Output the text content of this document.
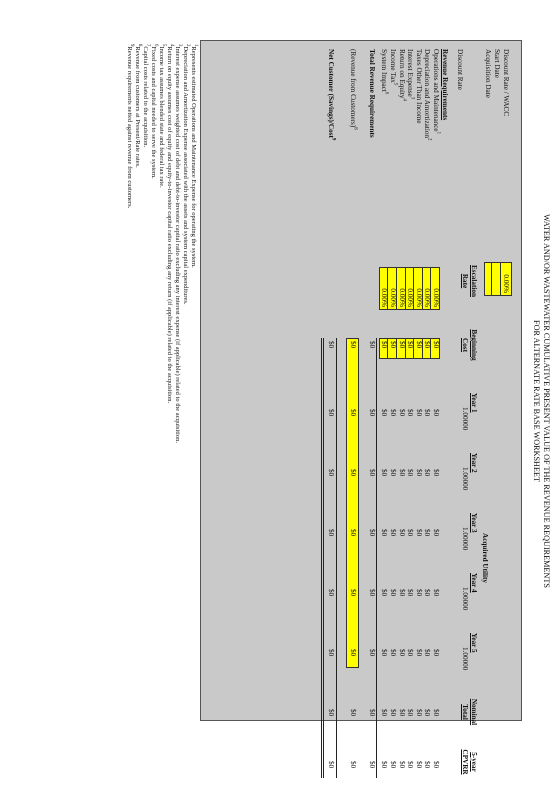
WATER AND/OR WASTEWATER CUMULATIVE PRESENT VALUE OF THE REVENUE REQUIREMENTS
FOR ALTERNATE RATE BASE WORKSHEET
Discount Rate / WACC
Start Date
Acquisition Date
0.00%
Acquired Utility
Escalation
Rate
Beginning
Cost
Year 1
Year 2
Year 3
Year 4
Year 5
Nominal
Total
5-year
CPVRR
Discount Rate
1.00000
1.00000
1.00000
1.00000
1.00000
Revenue Requirements
Operations and Maintenance$^1$
0.00%
$0
$0
$0
$0
$0
$0
$0
$0
Depreciation and Amortization$^2$
0.00%
$0
$0
$0
$0
$0
$0
$0
$0
Taxes Other Than Income
0.00%
$0
$0
$0
$0
$0
$0
$0
$0
Interest Expense$^3$
0.00%
$0
$0
$0
$0
$0
$0
$0
$0
Return on Equity$^4$
0.00%
$0
$0
$0
$0
$0
$0
$0
$0
Income Tax$^5$
0.00%
$0
$0
$0
$0
$0
$0
$0
$0
System Impact$^6$
0.00%
$0
$0
$0
$0
$0
$0
$0
$0
Total Revenue Requirements
$0
$0
$0
$0
$0
$0
$0
$0
(Revenue from Customers)$^8$
$0
$0
$0
$0
$0
$0
$0
$0
Net Customer (Savings)/Cost$^9$
$0
$0
$0
$0
$0
$0
$0
$0
$^1$Represents estimated Operations and Maintenance Expense for operating the system.
$^2$Depreciation and Amortization Expense associated with the assets and system capital expenditures.
$^3$Interest expense assumes weighted cost of debt and debt-to-investor capital ratio excluding any interest expense (if applicable) related to the acquisition.
$^4$Return on equity assumes cost of equity and equity-to-investor capital ratio excluding any return (if applicable) related to the acquisition.
$^5$Income tax assumes blended state and federal tax rate.
$^6$Fixed costs and capital needed to serve the system.
$^7$Capital costs related to the acquisition.
$^8$Revenue from customers at Present/Rate rates.
$^9$Revenue requirements netted against revenue from customers.
